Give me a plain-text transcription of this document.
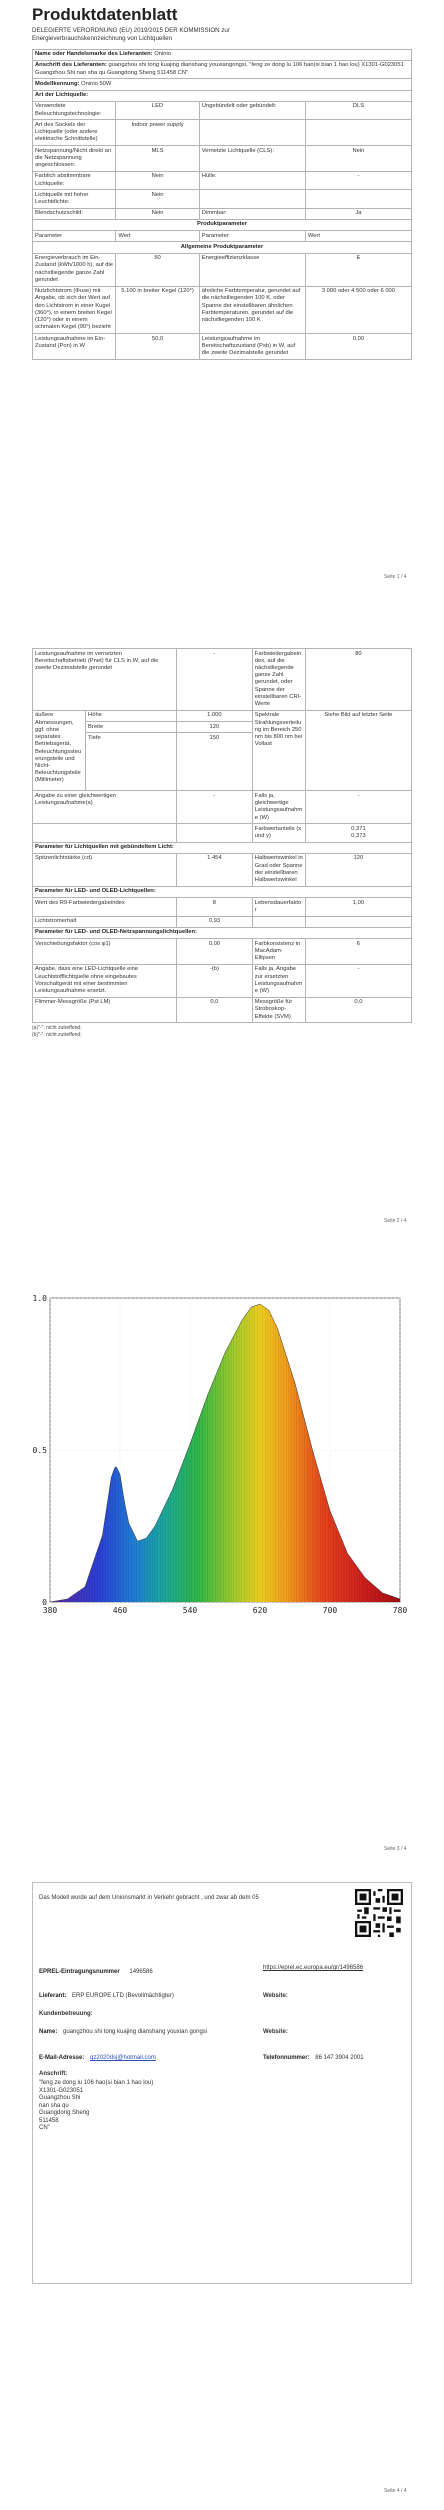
Produktdatenblatt
DELEGIERTE VERORDNUNG (EU) 2019/2015 DER KOMMISSION zur
Energieverbrauchskennzeichnung von Lichtquellen
Name oder Handelsmarke des Lieferanten: Oninio			
Anschrift des Lieferanten: guangzhou shi tong kuajing dianshang youxiangongsi, "feng ze dong lu 106 hao(si bian 1 hao lou) X1301-G023051 Guangzhou Shi nan sha qu Guangdong Sheng 511458 CN"			
Modellkennung: Oninio 50W			
Art der Lichtquelle:			
Verwendete Beleuchtungstechnologie:	LED	Ungebündelt oder gebündelt:	DLS
Art des Sockels der Lichtquelle (oder andere elektrische Schnittstelle)	Indoor power supply		
Netzspannung/Nicht direkt an die Netzspannung angeschlossen:	MLS	Vernetzte Lichtquelle (CLS):	Nein
Farblich abstimmbare Lichtquelle:	Nein	Hülle:	-
Lichtquelle mit hoher Leuchtdichte:	Nein		
Blendschutzschild:	Nein	Dimmbar:	Ja
Produktparameter			
Parameter	Wert	Parameter	Wert
Allgemeine Produktparameter			
Energieverbrauch im Ein-Zustand (kWh/1000 h), auf die nächstliegende ganze Zahl gerundet	50	Energieeffizienzklasse	E
Nutzlichtstrom (Φuse) mit Angabe, ob sich der Wert auf den Lichtstrom in einer Kugel (360°), in einem breiten Kegel (120°) oder in einem schmalen Kegel (90°) bezieht	5.100 in breiter Kegel (120°)	ähnliche Farbtemperatur, gerundet auf die nächstliegenden 100 K, oder Spanne der einstellbaren ähnlichen Farbtemperaturen, gerundet auf die nächstliegenden 100 K	3 000 oder 4 500 oder 6 000
Leistungsaufnahme im Ein-Zustand (Pon) in W	50,0	Leistungsaufnahme im Bereitschaftszustand (Psb) in W, auf die zweite Dezimalstelle gerundet	0,00
Seite 1 / 4
Leistungsaufnahme im vernetzten Bereitschaftsbetrieb (Pnet) für CLS in W, auf die zweite Dezimalstelle gerundet		-	Farbwiedergabeindex, auf die nächstliegende ganze Zahl gerundet, oder Spanne der einstellbaren CRI-Werte	80
äußere Abmessungen, ggf. ohne separates Betriebsgerät, Beleuchtungssteuerungsteile und Nicht-Beleuchtungsteile (Millimeter)	Höhe	1.000	Spektrale Strahlungsverteilung im Bereich 250 nm bis 800 nm bei Vollast	Siehe Bild auf letzter Seite
	Breite	120		
	Tiefe	150		
Angabe zu einer gleichwertigen Leistungsaufnahme(a)		-	Falls ja, gleichwertige Leistungsaufnahme (W)	-
			Farbwertanteile (x und y)	0,371
0,373

Parameter für Lichtquellen mit gebündeltem Licht:				
Spitzenlichtstärke (cd)		1.454	Halbwertswinkel in Grad oder Spanne der einstellbaren Halbwertswinkel	120
Parameter für LED- und OLED-Lichtquellen:				
Wert des R9-Farbwiedergabeindex		8	Lebensdauerfaktor	1,00
Lichtstromerhalt		0,93		
Parameter für LED- und OLED-Netzspannungslichtquellen:				
Verschiebungsfaktor (cos φ1)		0,00	Farbkonsistenz in MacAdam-Ellipsen	6
Angabe, dass eine LED-Lichtquelle eine Leuchtstofflichtquelle ohne eingebautes Vorschaltgerät mit einer bestimmten Leistungsaufnahme ersetzt.		-(b)	Falls ja, Angabe zur ersetzten Leistungsaufnahme (W)	-
Flimmer-Messgröße (Pst LM)		0,0	Messgröße für Stroboskop-Effekte (SVM)	0,0
(a)"-": nicht zutreffend;
(b)"-": nicht zutreffend;
Seite 2 / 4
380	460	540	620	700	780
0
0.5
1.0
Seite 3 / 4
Das Modell wurde auf dem Unionsmarkt in Verkehr gebracht , und zwar ab dem 05
EPREL-Eintragungsnummer 1496586
https://eprel.ec.europa.eu/qr/1496586
Lieferant: ERP EUROPE LTD (Bevollmächtigter)	Website:
Kundenbetreuung:
Name: guangzhou shi tong kuajing dianshang youxian gongsi	Website:
E-Mail-Adresse: gz2020dsj@hotmail.com	Telefonnummer: 86 147 3904 2001
Anschrift:
"feng ze dong lu 106 hao(si bian 1 hao lou)
X1301-G023051
Guangzhou Shi
nan sha qu
Guangdong Sheng
511458
CN"
Seite 4 / 4
